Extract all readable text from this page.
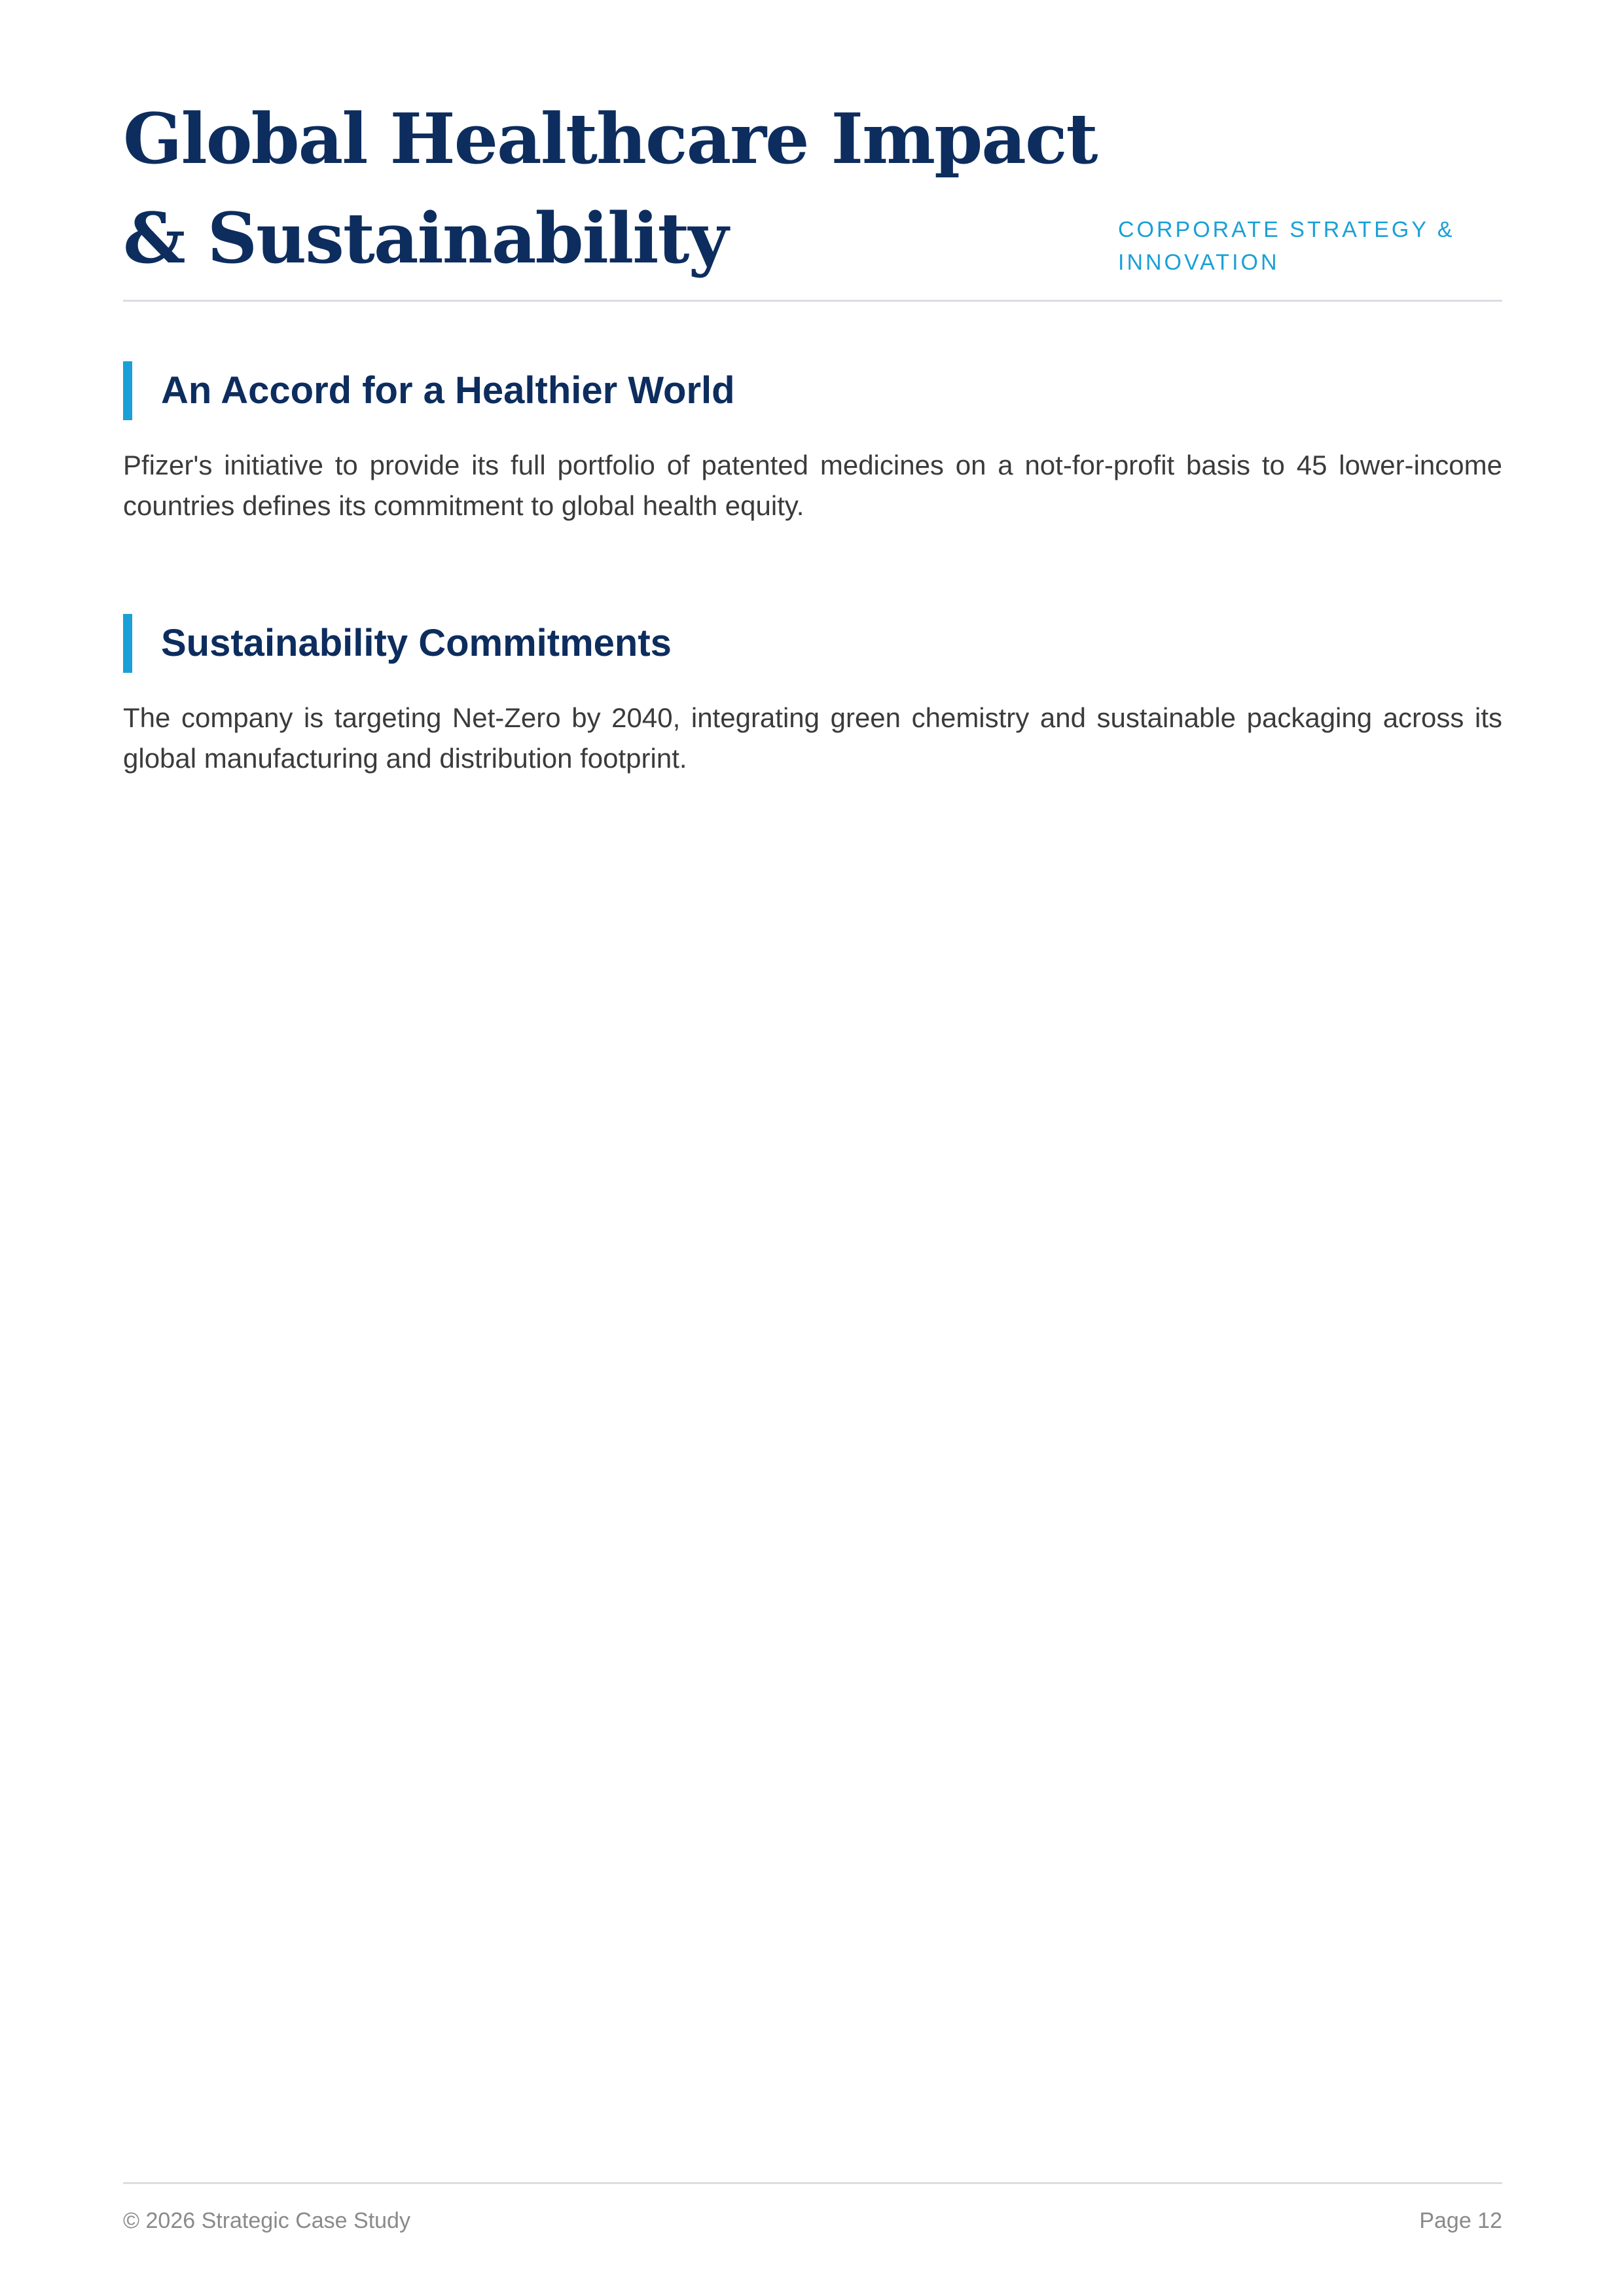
Global Healthcare Impact & Sustainability	CORPORATE STRATEGY & INNOVATION
An Accord for a Healthier World

Pfizer's initiative to provide its full portfolio of patented medicines on a not-for-profit basis to 45 lower-income countries defines its commitment to global health equity.

Sustainability Commitments

The company is targeting Net-Zero by 2040, integrating green chemistry and sustainable packaging across its global manufacturing and distribution footprint.

© 2026 Strategic Case Study	Page 12
